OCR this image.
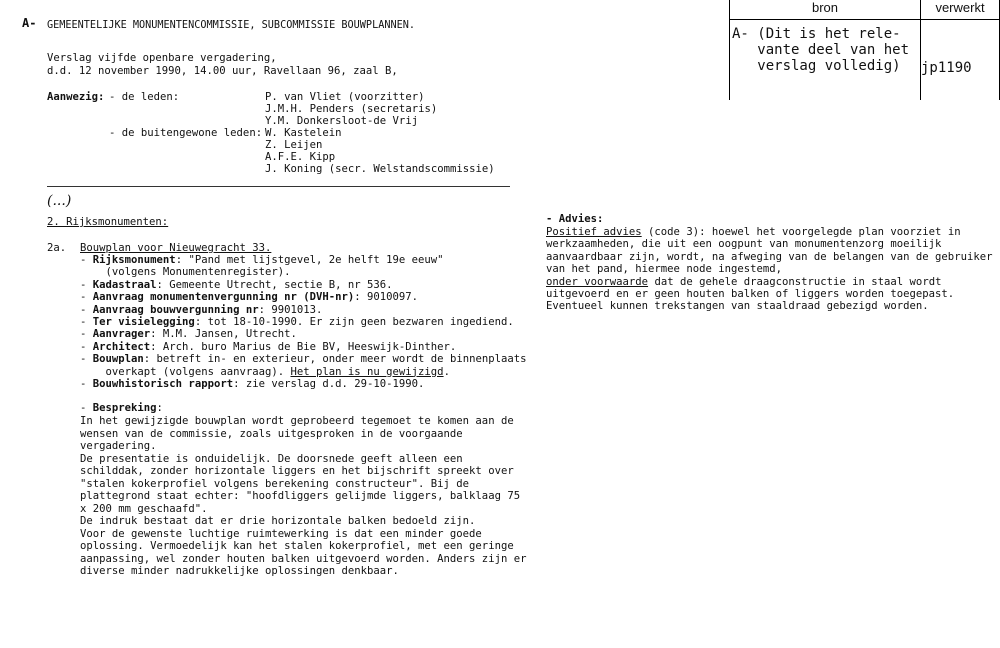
A- GEMEENTELIJKE MONUMENTENCOMMISSIE, SUBCOMMISSIE BOUWPLANNEN.
bron	verwerkt

A- (Dit is het rele-
vante deel van het
verslag volledig)	jp1190
Verslag vijfde openbare vergadering,
d.d. 12 november 1990, 14.00 uur, Ravellaan 96, zaal B,
Aanwezig: - de leden:	P. van Vliet (voorzitter)
J.M.H. Penders (secretaris)
Y.M. Donkersloot-de Vrij
- de buitengewone leden: W. Kastelein
Z. Leijen
A.F.E. Kipp
J. Koning (secr. Welstandscommissie)
(...)
2. Rijksmonumenten:
2a. Bouwplan voor Nieuwegracht 33.
- Rijksmonument: "Pand met lijstgevel, 2e helft 19e eeuw"
(volgens Monumentenregister).
- Kadastraal: Gemeente Utrecht, sectie B, nr 536.
- Aanvraag monumentenvergunning nr (DVH-nr): 9010097.
- Aanvraag bouwvergunning nr: 9901013.
- Ter visielegging: tot 18-10-1990. Er zijn geen bezwaren ingediend.
- Aanvrager: M.M. Jansen, Utrecht.
- Architect: Arch. buro Marius de Bie BV, Heeswijk-Dinther.
- Bouwplan: betreft in- en exterieur, onder meer wordt de binnenplaats
overkapt (volgens aanvraag). Het plan is nu gewijzigd.
- Bouwhistorisch rapport: zie verslag d.d. 29-10-1990.
- Bespreking:
In het gewijzigde bouwplan wordt geprobeerd tegemoet te komen aan de
wensen van de commissie, zoals uitgesproken in de voorgaande
vergadering.
De presentatie is onduidelijk. De doorsnede geeft alleen een
schilddak, zonder horizontale liggers en het bijschrift spreekt over
"stalen kokerprofiel volgens berekening constructeur". Bij de
plattegrond staat echter: "hoofdliggers gelijmde liggers, balklaag 75
x 200 mm geschaafd".
De indruk bestaat dat er drie horizontale balken bedoeld zijn.
Voor de gewenste luchtige ruimtewerking is dat een minder goede
oplossing. Vermoedelijk kan het stalen kokerprofiel, met een geringe
aanpassing, wel zonder houten balken uitgevoerd worden. Anders zijn er
diverse minder nadrukkelijke oplossingen denkbaar.
- Advies:
Positief advies (code 3): hoewel het voorgelegde plan voorziet in
werkzaamheden, die uit een oogpunt van monumentenzorg moeilijk
aanvaardbaar zijn, wordt, na afweging van de belangen van de gebruiker
van het pand, hiermee node ingestemd,
onder voorwaarde dat de gehele draagconstructie in staal wordt
uitgevoerd en er geen houten balken of liggers worden toegepast.
Eventueel kunnen trekstangen van staaldraad gebezigd worden.
